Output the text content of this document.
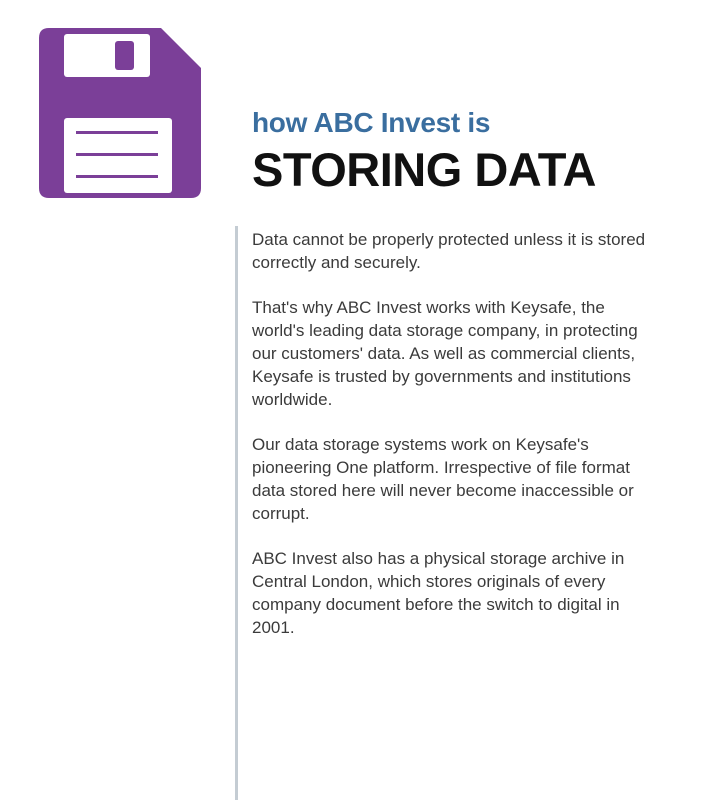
how ABC Invest is

STORING DATA

Data cannot be properly protected unless it is stored correctly and securely.

That's why ABC Invest works with Keysafe, the world's leading data storage company, in protecting our customers' data. As well as commercial clients, Keysafe is trusted by governments and institutions worldwide.

Our data storage systems work on Keysafe's pioneering One platform. Irrespective of file format data stored here will never become inaccessible or corrupt.

ABC Invest also has a physical storage archive in Central London, which stores originals of every company document before the switch to digital in 2001.
